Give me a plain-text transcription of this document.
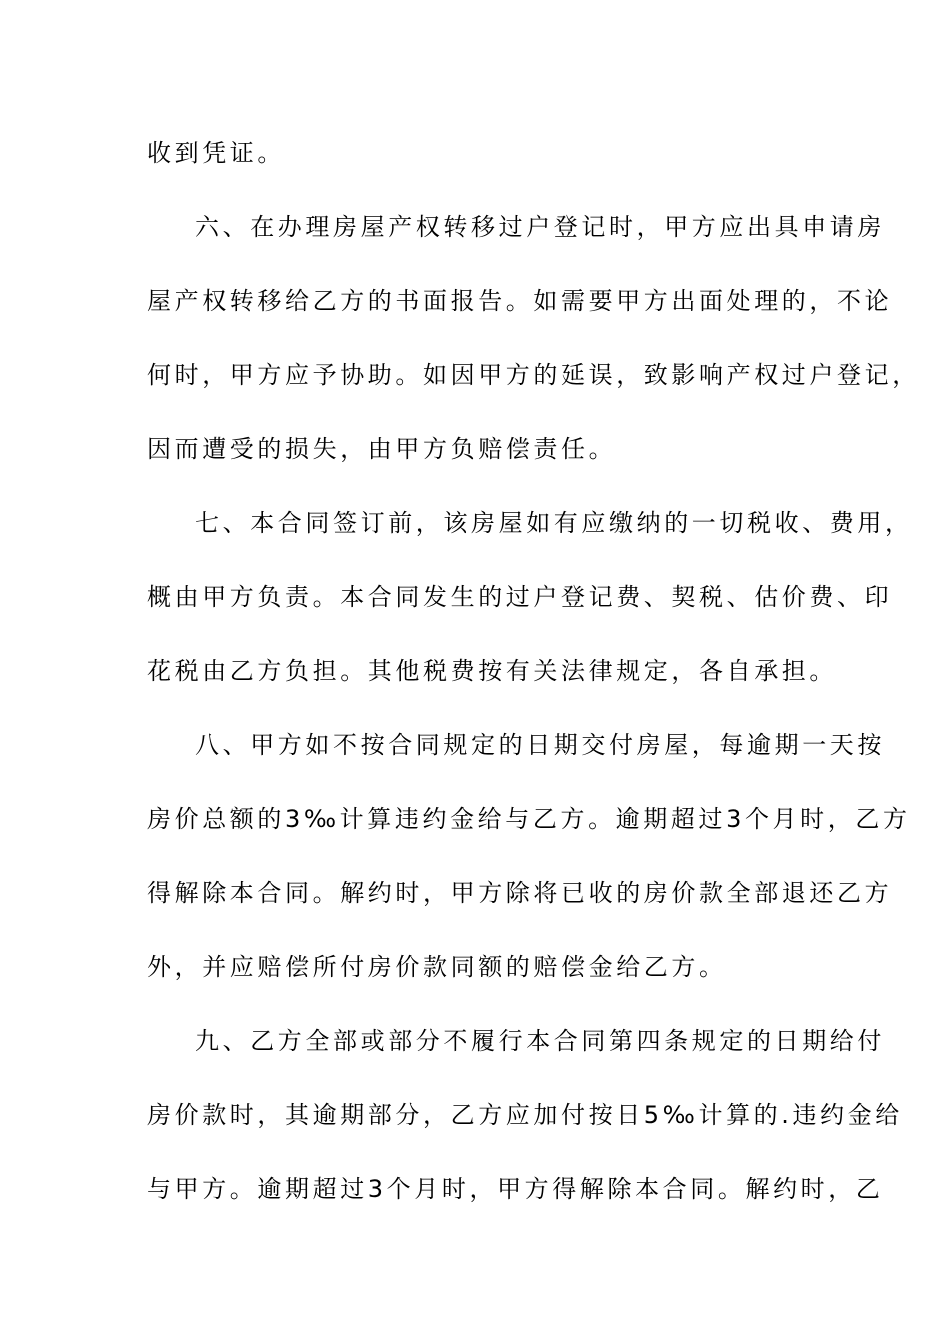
收到凭证。
六、在办理房屋产权转移过户登记时，甲方应出具申请房
屋产权转移给乙方的书面报告。如需要甲方出面处理的，不论
何时，甲方应予协助。如因甲方的延误，致影响产权过户登记，
因而遭受的损失，由甲方负赔偿责任。
七、本合同签订前，该房屋如有应缴纳的一切税收、费用，
概由甲方负责。本合同发生的过户登记费、契税、估价费、印
花税由乙方负担。其他税费按有关法律规定，各自承担。
八、甲方如不按合同规定的日期交付房屋，每逾期一天按
房价总额的3‰计算违约金给与乙方。逾期超过3个月时，乙方
得解除本合同。解约时，甲方除将已收的房价款全部退还乙方
外，并应赔偿所付房价款同额的赔偿金给乙方。
九、乙方全部或部分不履行本合同第四条规定的日期给付
房价款时，其逾期部分，乙方应加付按日5‰计算的.违约金给
与甲方。逾期超过3个月时，甲方得解除本合同。解约时，乙
